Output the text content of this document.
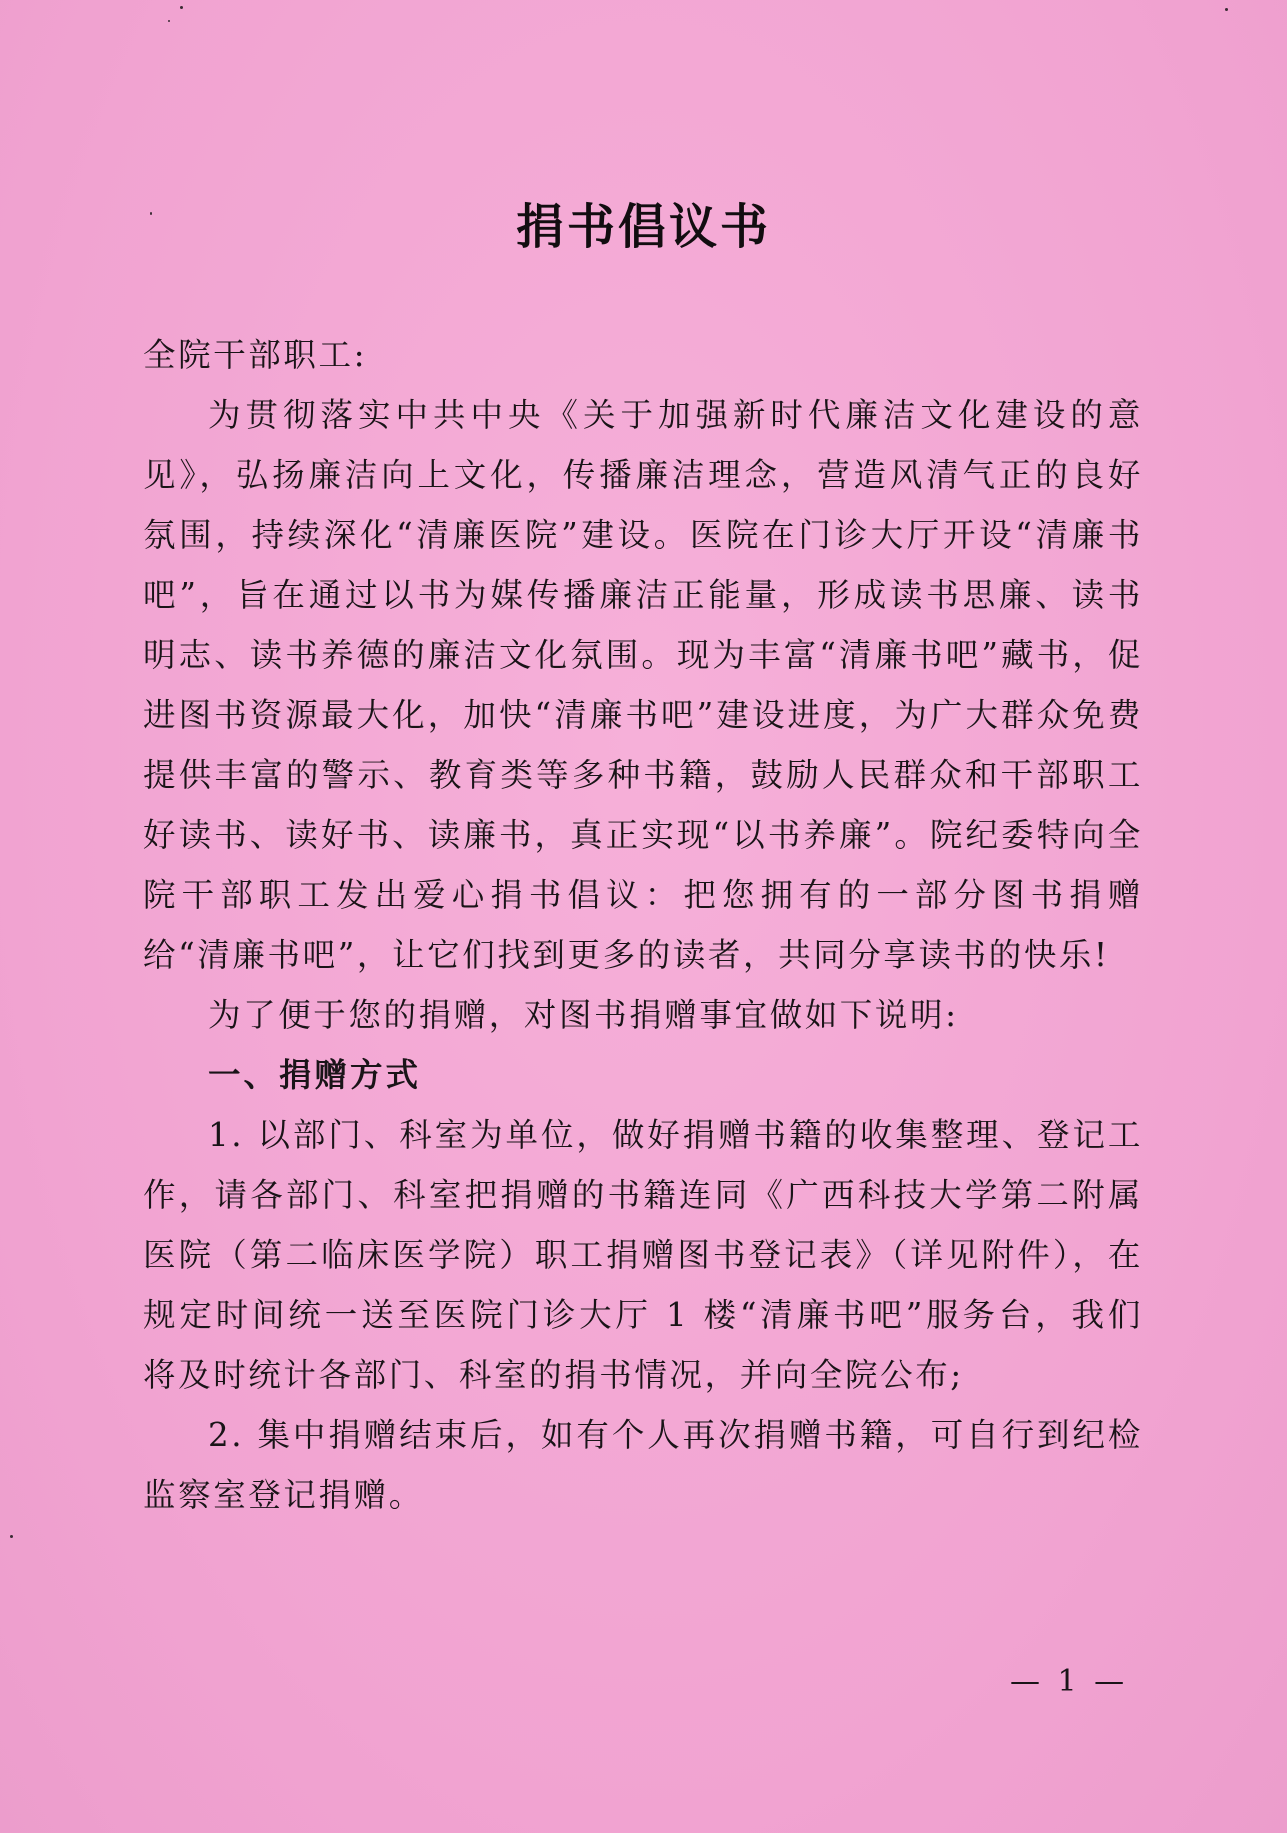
捐书倡议书

全院干部职工:

为贯彻落实中共中央《关于加强新时代廉洁文化建设的意见》，弘扬廉洁向上文化，传播廉洁理念，营造风清气正的良好氛围，持续深化“清廉医院”建设。医院在门诊大厅开设“清廉书吧”，旨在通过以书为媒传播廉洁正能量，形成读书思廉、读书明志、读书养德的廉洁文化氛围。现为丰富“清廉书吧”藏书，促进图书资源最大化，加快“清廉书吧”建设进度，为广大群众免费提供丰富的警示、教育类等多种书籍，鼓励人民群众和干部职工好读书、读好书、读廉书，真正实现“以书养廉”。院纪委特向全院干部职工发出爱心捐书倡议：把您拥有的一部分图书捐赠给“清廉书吧”，让它们找到更多的读者，共同分享读书的快乐!

为了便于您的捐赠，对图书捐赠事宜做如下说明:

一、捐赠方式

1. 以部门、科室为单位，做好捐赠书籍的收集整理、登记工作，请各部门、科室把捐赠的书籍连同《广西科技大学第二附属医院（第二临床医学院）职工捐赠图书登记表》（详见附件），在规定时间统一送至医院门诊大厅 1 楼“清廉书吧”服务台，我们将及时统计各部门、科室的捐书情况，并向全院公布;

2. 集中捐赠结束后，如有个人再次捐赠书籍，可自行到纪检监察室登记捐赠。

— 1 —
